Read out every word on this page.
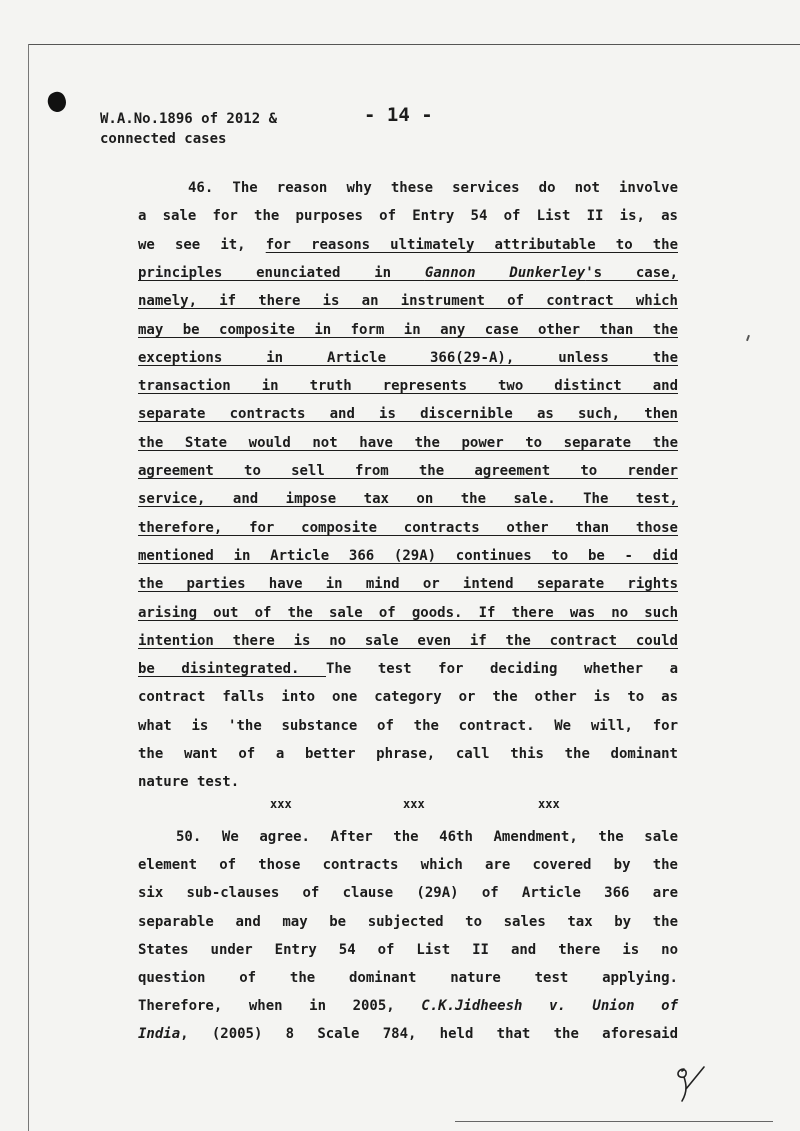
W.A.No.1896 of 2012 &
connected cases
- 14 -
46. The reason why these services do not involve
a sale for the purposes of Entry 54 of List II is, as
we see it, for reasons ultimately attributable to the
principles enunciated in Gannon Dunkerley's case,
namely, if there is an instrument of contract which
may be composite in form in any case other than the
exceptions in Article 366(29-A), unless the
transaction in truth represents two distinct and
separate contracts and is discernible as such, then
the State would not have the power to separate the
agreement to sell from the agreement to render
service, and impose tax on the sale. The test,
therefore, for composite contracts other than those
mentioned in Article 366 (29A) continues to be - did
the parties have in mind or intend separate rights
arising out of the sale of goods. If there was no such
intention there is no sale even if the contract could
be disintegrated. The test for deciding whether a
contract falls into one category or the other is to as
what is 'the substance of the contract. We will, for
the want of a better phrase, call this the dominant
nature test.
xxx	xxx	xxx
50. We agree. After the 46th Amendment, the sale
element of those contracts which are covered by the
six sub-clauses of clause (29A) of Article 366 are
separable and may be subjected to sales tax by the
States under Entry 54 of List II and there is no
question of the dominant nature test applying.
Therefore, when in 2005, C.K.Jidheesh v. Union of
India, (2005) 8 Scale 784, held that the aforesaid
